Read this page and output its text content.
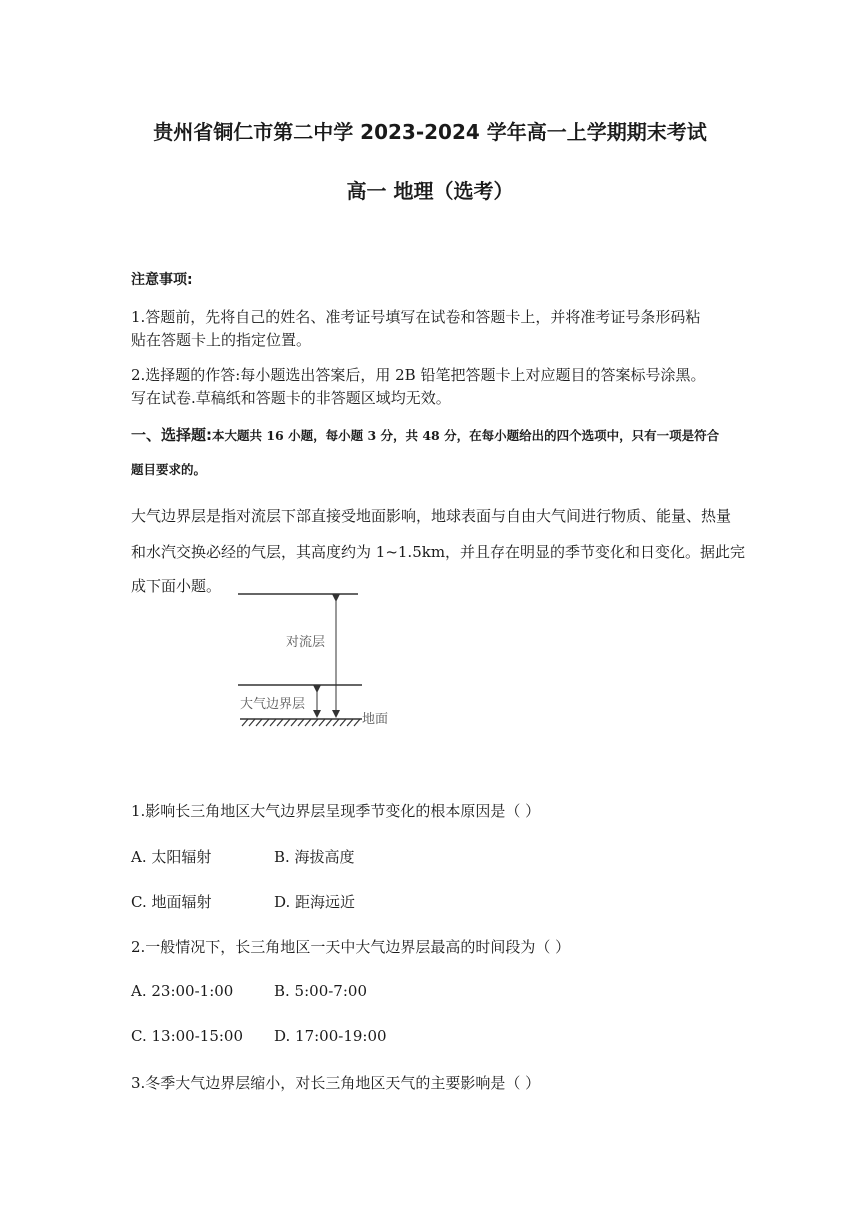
贵州省铜仁市第二中学 2023-2024 学年高一上学期期末考试
高一 地理（选考）
注意事项:
1.答题前，先将自己的姓名、准考证号填写在试卷和答题卡上，并将准考证号条形码粘
贴在答题卡上的指定位置。
2.选择题的作答:每小题选出答案后，用 2B 铅笔把答题卡上对应题目的答案标号涂黑。
写在试卷.草稿纸和答题卡的非答题区域均无效。
一、选择题:本大题共 16 小题，每小题 3 分，共 48 分，在每小题给出的四个选项中，只有一项是符合
题目要求的。
大气边界层是指对流层下部直接受地面影响，地球表面与自由大气间进行物质、能量、热量
和水汽交换必经的气层，其高度约为 1~1.5km，并且存在明显的季节变化和日变化。据此完
成下面小题。
对流层
大气边界层
地面
1.影响长三角地区大气边界层呈现季节变化的根本原因是（ ）
A. 太阳辐射	B. 海拔高度
C. 地面辐射	D. 距海远近
2.一般情况下，长三角地区一天中大气边界层最高的时间段为（ ）
A. 23:00-1:00	B. 5:00-7:00
C. 13:00-15:00 D. 17:00-19:00
3.冬季大气边界层缩小，对长三角地区天气的主要影响是（ ）
